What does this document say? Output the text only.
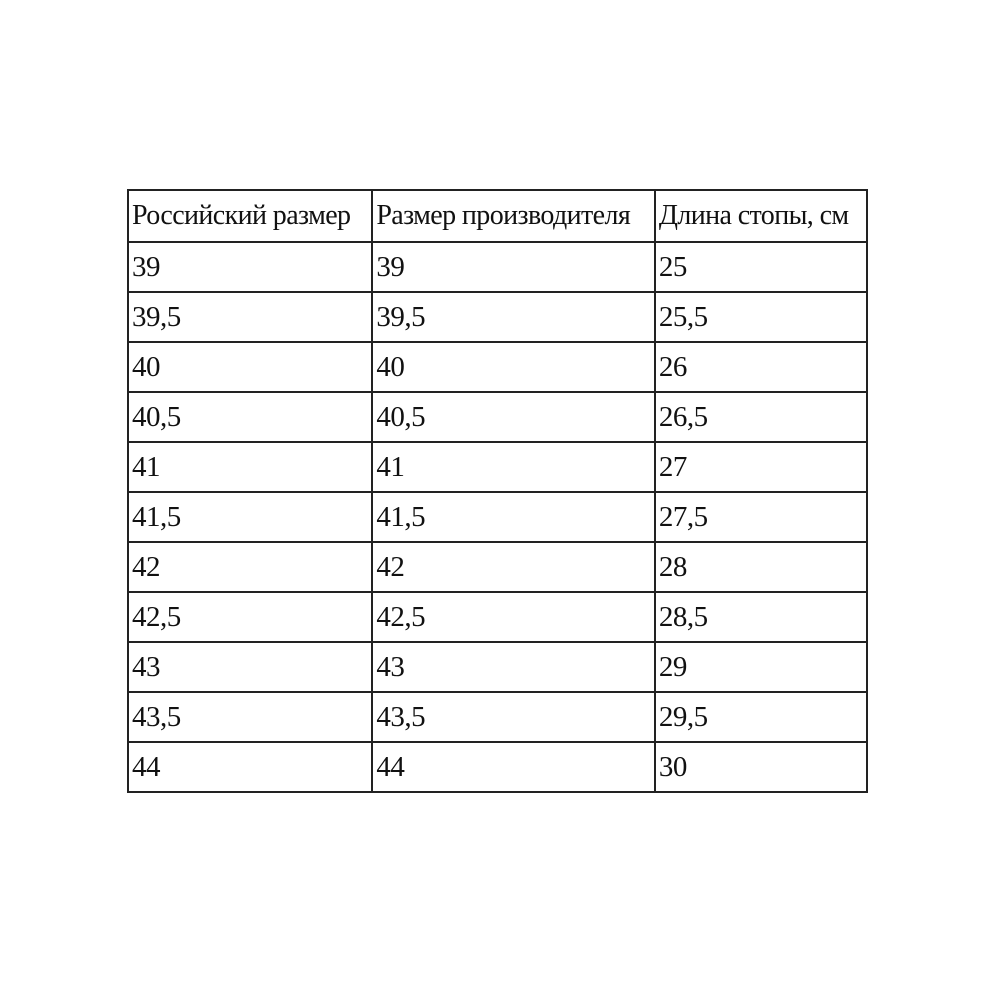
Российский размер	Размер производителя	Длина стопы, см
39	39	25
39,5	39,5	25,5
40	40	26
40,5	40,5	26,5
41	41	27
41,5	41,5	27,5
42	42	28
42,5	42,5	28,5
43	43	29
43,5	43,5	29,5
44	44	30
